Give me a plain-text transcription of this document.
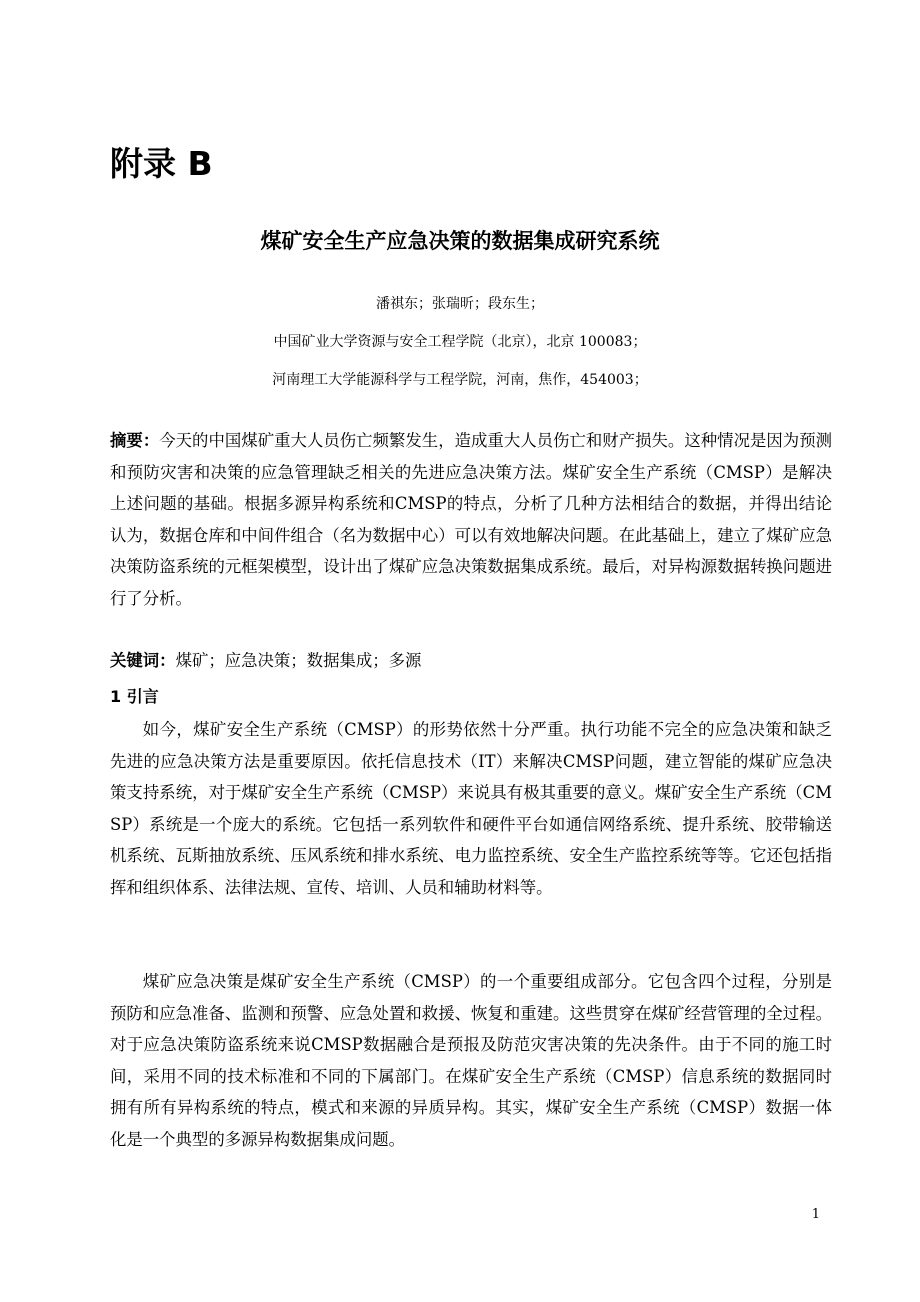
附录 B
煤矿安全生产应急决策的数据集成研究系统
潘祺东；张瑞昕；段东生；
中国矿业大学资源与安全工程学院（北京），北京 100083；
河南理工大学能源科学与工程学院，河南，焦作，454003；

摘要：今天的中国煤矿重大人员伤亡频繁发生，造成重大人员伤亡和财产损失。这种情况是因为预测和预防灾害和决策的应急管理缺乏相关的先进应急决策方法。煤矿安全生产系统（CMSP）是解决上述问题的基础。根据多源异构系统和CMSP的特点，分析了几种方法相结合的数据，并得出结论认为，数据仓库和中间件组合（名为数据中心）可以有效地解决问题。在此基础上，建立了煤矿应急决策防盗系统的元框架模型，设计出了煤矿应急决策数据集成系统。最后，对异构源数据转换问题进行了分析。

关键词：煤矿；应急决策；数据集成；多源

1 引言

如今，煤矿安全生产系统（CMSP）的形势依然十分严重。执行功能不完全的应急决策和缺乏先进的应急决策方法是重要原因。依托信息技术（IT）来解决CMSP问题，建立智能的煤矿应急决策支持系统，对于煤矿安全生产系统（CMSP）来说具有极其重要的意义。煤矿安全生产系统（CMSP）系统是一个庞大的系统。它包括一系列软件和硬件平台如通信网络系统、提升系统、胶带输送机系统、瓦斯抽放系统、压风系统和排水系统、电力监控系统、安全生产监控系统等等。它还包括指挥和组织体系、法律法规、宣传、培训、人员和辅助材料等。

煤矿应急决策是煤矿安全生产系统（CMSP）的一个重要组成部分。它包含四个过程，分别是预防和应急准备、监测和预警、应急处置和救援、恢复和重建。这些贯穿在煤矿经营管理的全过程。对于应急决策防盗系统来说CMSP数据融合是预报及防范灾害决策的先决条件。由于不同的施工时间，采用不同的技术标准和不同的下属部门。在煤矿安全生产系统（CMSP）信息系统的数据同时拥有所有异构系统的特点，模式和来源的异质异构。其实，煤矿安全生产系统（CMSP）数据一体化是一个典型的多源异构数据集成问题。

1
